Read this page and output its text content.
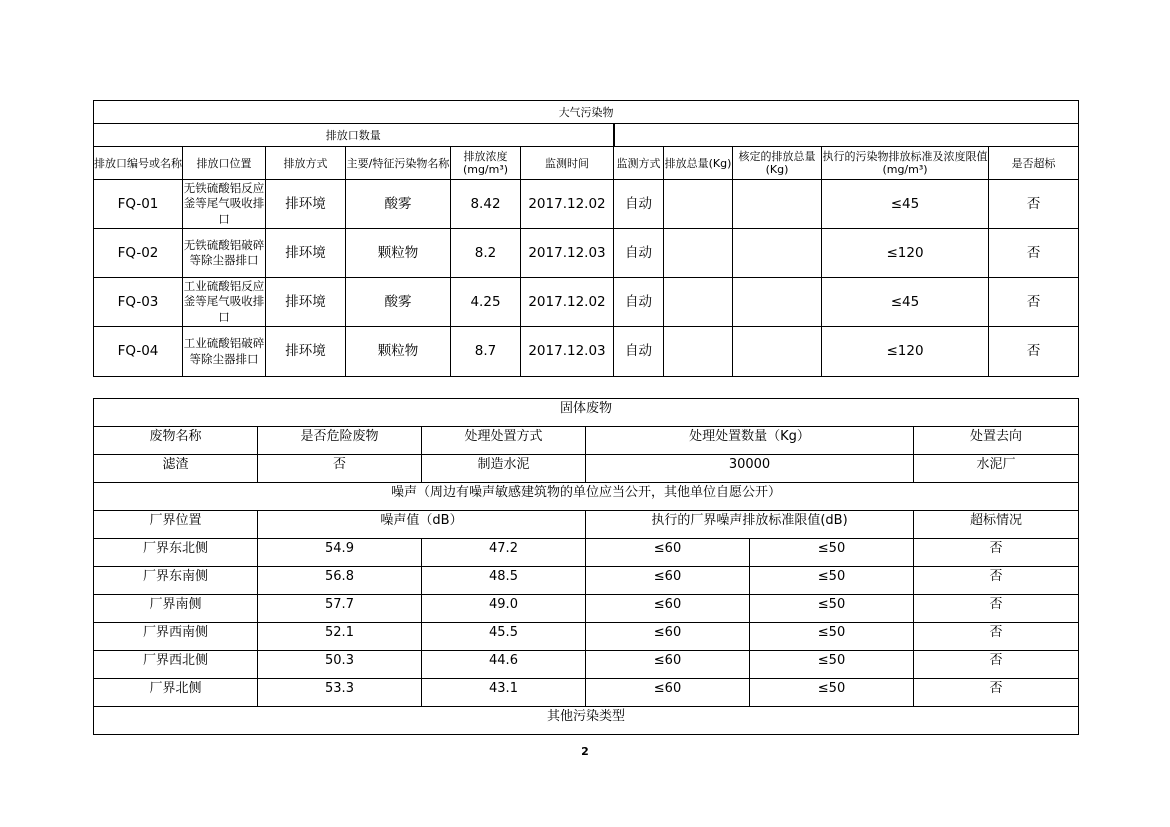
大气污染物										
排放口数量										
排放口编号或名称	排放口位置	排放方式	主要/特征污染物名称	排放浓度(mg/m³)	监测时间	监测方式	排放总量(Kg)	核定的排放总量(Kg)	执行的污染物排放标准及浓度限值(mg/m³)	是否超标
FQ-01	无铁硫酸铝反应釜等尾气吸收排口	排环境	酸雾	8.42	2017.12.02	自动			≤45	否
FQ-02	无铁硫酸铝破碎等除尘器排口	排环境	颗粒物	8.2	2017.12.03	自动			≤120	否
FQ-03	工业硫酸铝反应釜等尾气吸收排口	排环境	酸雾	4.25	2017.12.02	自动			≤45	否
FQ-04	工业硫酸铝破碎等除尘器排口	排环境	颗粒物	8.7	2017.12.03	自动			≤120	否
固体废物					
废物名称	是否危险废物	处理处置方式	处理处置数量（Kg）		处置去向
滤渣	否	制造水泥	30000		水泥厂
噪声（周边有噪声敏感建筑物的单位应当公开，其他单位自愿公开）					
厂界位置	噪声值（dB）		执行的厂界噪声排放标准限值(dB)		超标情况
厂界东北侧	54.9	47.2	≤60	≤50	否
厂界东南侧	56.8	48.5	≤60	≤50	否
厂界南侧	57.7	49.0	≤60	≤50	否
厂界西南侧	52.1	45.5	≤60	≤50	否
厂界西北侧	50.3	44.6	≤60	≤50	否
厂界北侧	53.3	43.1	≤60	≤50	否
其他污染类型					
2
